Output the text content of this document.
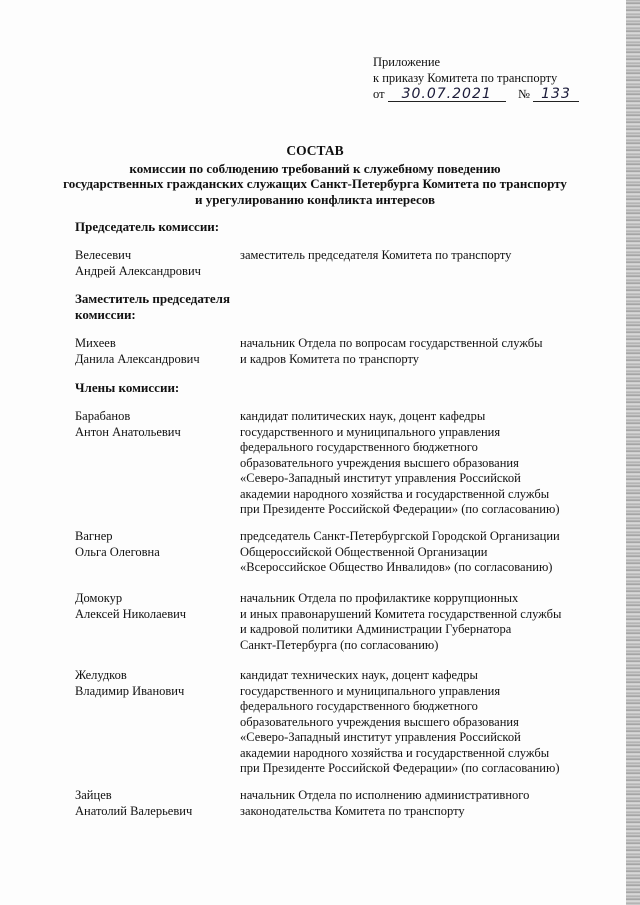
Приложение
к приказу Комитета по транспорту
от 30.07.2021 № 133
СОСТАВ
комиссии по соблюдению требований к служебному поведению
государственных гражданских служащих Санкт-Петербурга Комитета по транспорту
и урегулированию конфликта интересов
Председатель комиссии:
Велесевич
Андрей Александрович
заместитель председателя Комитета по транспорту
Заместитель председателя
комиссии:
Михеев
Данила Александрович
начальник Отдела по вопросам государственной службы
и кадров Комитета по транспорту
Члены комиссии:
Барабанов
Антон Анатольевич
кандидат политических наук, доцент кафедры
государственного и муниципального управления
федерального государственного бюджетного
образовательного учреждения высшего образования
«Северо-Западный институт управления Российской
академии народного хозяйства и государственной службы
при Президенте Российской Федерации» (по согласованию)
Вагнер
Ольга Олеговна
председатель Санкт-Петербургской Городской Организации
Общероссийской Общественной Организации
«Всероссийское Общество Инвалидов» (по согласованию)
Домокур
Алексей Николаевич
начальник Отдела по профилактике коррупционных
и иных правонарушений Комитета государственной службы
и кадровой политики Администрации Губернатора
Санкт-Петербурга (по согласованию)
Желудков
Владимир Иванович
кандидат технических наук, доцент кафедры
государственного и муниципального управления
федерального государственного бюджетного
образовательного учреждения высшего образования
«Северо-Западный институт управления Российской
академии народного хозяйства и государственной службы
при Президенте Российской Федерации» (по согласованию)
Зайцев
Анатолий Валерьевич
начальник Отдела по исполнению административного
законодательства Комитета по транспорту
